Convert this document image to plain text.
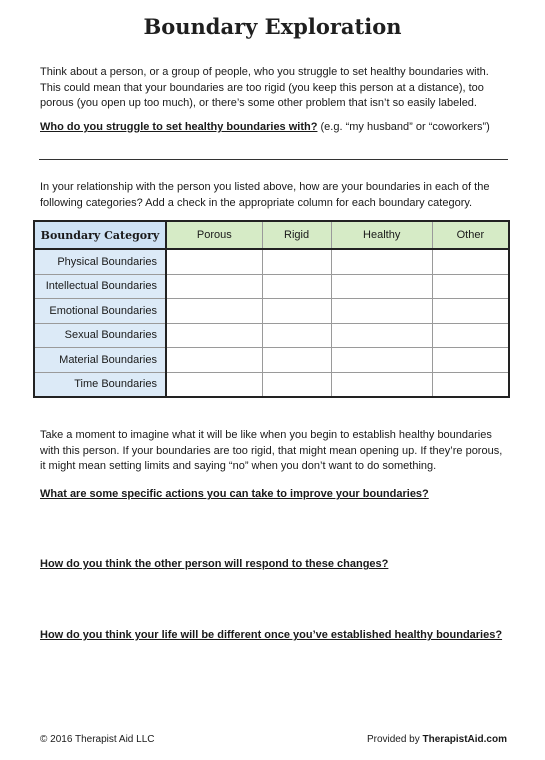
Boundary Exploration
Think about a person, or a group of people, who you struggle to set healthy boundaries with. This could mean that your boundaries are too rigid (you keep this person at a distance), too porous (you open up too much), or there’s some other problem that isn’t so easily labeled.
Who do you struggle to set healthy boundaries with? (e.g. “my husband” or “coworkers”)
In your relationship with the person you listed above, how are your boundaries in each of the following categories? Add a check in the appropriate column for each boundary category.
Boundary Category	Porous	Rigid	Healthy	Other
Physical Boundaries				
Intellectual Boundaries				
Emotional Boundaries				
Sexual Boundaries				
Material Boundaries				
Time Boundaries				
Take a moment to imagine what it will be like when you begin to establish healthy boundaries with this person. If your boundaries are too rigid, that might mean opening up. If they’re porous, it might mean setting limits and saying “no” when you don’t want to do something.
What are some specific actions you can take to improve your boundaries?
How do you think the other person will respond to these changes?
How do you think your life will be different once you’ve established healthy boundaries?
© 2016 Therapist Aid LLC	Provided by TherapistAid.com
